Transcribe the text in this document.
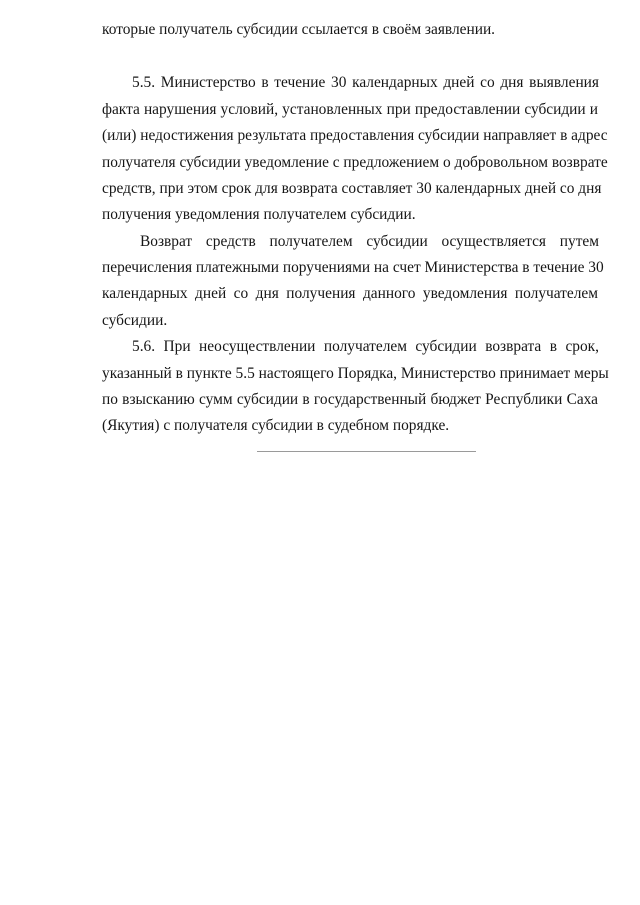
которые получатель субсидии ссылается в своём заявлении.

5.5. Министерство в течение 30 календарных дней со дня выявления

факта нарушения условий, установленных при предоставлении субсидии и

(или) недостижения результата предоставления субсидии направляет в адрес

получателя субсидии уведомление с предложением о добровольном возврате

средств, при этом срок для возврата составляет 30 календарных дней со дня

получения уведомления получателем субсидии.

Возврат средств получателем субсидии осуществляется путем

перечисления платежными поручениями на счет Министерства в течение 30

календарных дней со дня получения данного уведомления получателем

субсидии.

5.6. При неосуществлении получателем субсидии возврата в срок,

указанный в пункте 5.5 настоящего Порядка, Министерство принимает меры

по взысканию сумм субсидии в государственный бюджет Республики Саха

(Якутия) с получателя субсидии в судебном порядке.
